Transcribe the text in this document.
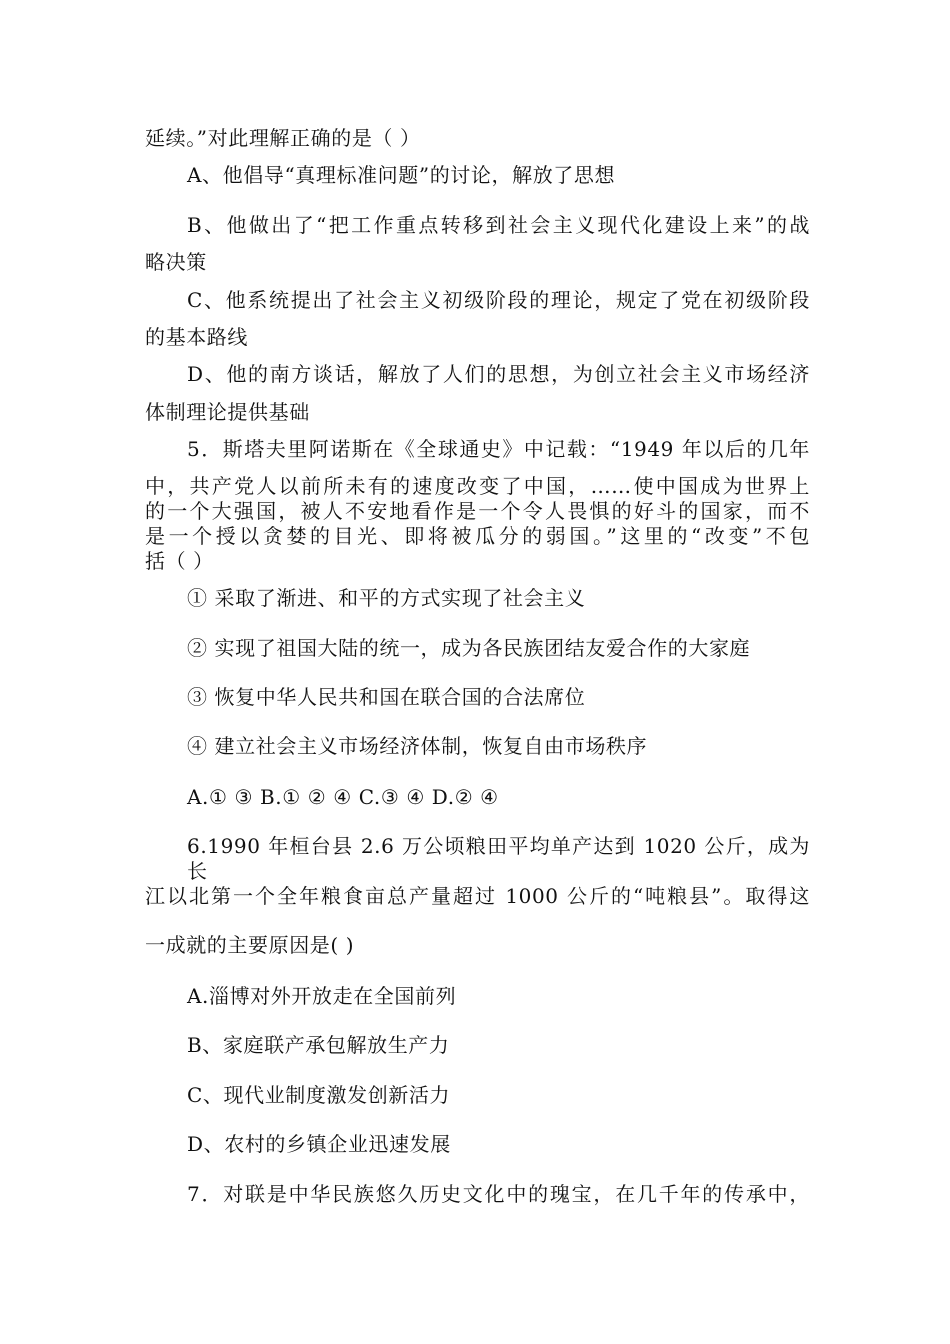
延续。”对此理解正确的是（ ）
A、他倡导“真理标准问题”的讨论，解放了思想
B、他做出了“把工作重点转移到社会主义现代化建设上来”的战
略决策
C、他系统提出了社会主义初级阶段的理论，规定了党在初级阶段
的基本路线
D、他的南方谈话，解放了人们的思想，为创立社会主义市场经济
体制理论提供基础
5．斯塔夫里阿诺斯在《全球通史》中记载：“1949 年以后的几年
中，共产党人以前所未有的速度改变了中国，……使中国成为世界上
的一个大强国，被人不安地看作是一个令人畏惧的好斗的国家，而不
是一个授以贪婪的目光、即将被瓜分的弱国。”这里的“改变”不包
括（ ）
① 采取了渐进、和平的方式实现了社会主义
② 实现了祖国大陆的统一，成为各民族团结友爱合作的大家庭
③ 恢复中华人民共和国在联合国的合法席位
④ 建立社会主义市场经济体制，恢复自由市场秩序
A.① ③ B.① ② ④ C.③ ④ D.② ④
6.1990 年桓台县 2.6 万公顷粮田平均单产达到 1020 公斤，成为长
江以北第一个全年粮食亩总产量超过 1000 公斤的“吨粮县”。取得这
一成就的主要原因是( )
A.淄博对外开放走在全国前列
B、家庭联产承包解放生产力
C、现代业制度激发创新活力
D、农村的乡镇企业迅速发展
7．对联是中华民族悠久历史文化中的瑰宝，在几千年的传承中，
